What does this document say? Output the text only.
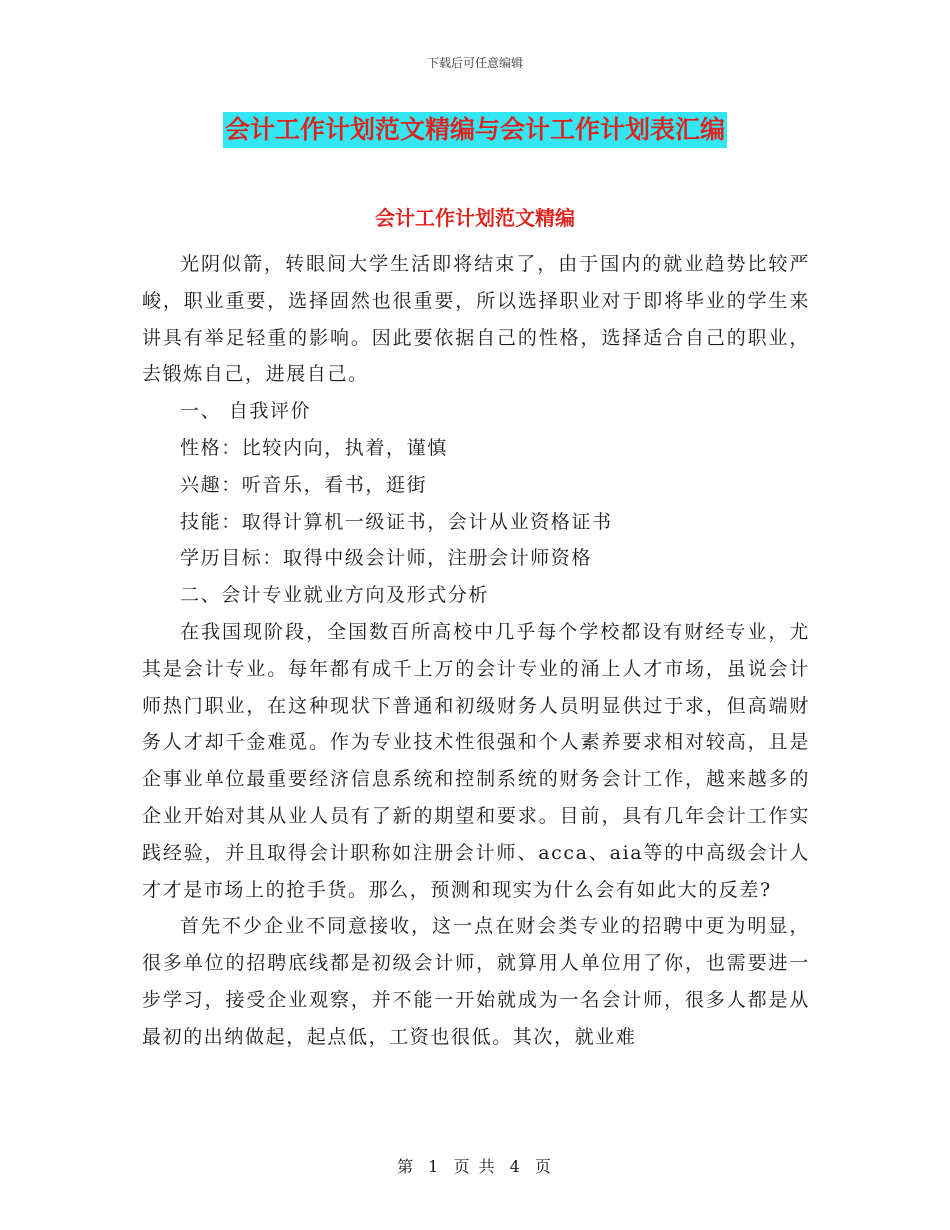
下载后可任意编辑
会计工作计划范文精编与会计工作计划表汇编
会计工作计划范文精编

光阴似箭，转眼间大学生活即将结束了，由于国内的就业趋势比较严峻，职业重要，选择固然也很重要，所以选择职业对于即将毕业的学生来讲具有举足轻重的影响。因此要依据自己的性格，选择适合自己的职业，去锻炼自己，进展自己。

一、 自我评价

性格：比较内向，执着，谨慎

兴趣：听音乐，看书，逛街

技能：取得计算机一级证书，会计从业资格证书

学历目标：取得中级会计师，注册会计师资格

二、会计专业就业方向及形式分析

在我国现阶段，全国数百所高校中几乎每个学校都设有财经专业，尤其是会计专业。每年都有成千上万的会计专业的涌上人才市场，虽说会计师热门职业，在这种现状下普通和初级财务人员明显供过于求，但高端财务人才却千金难觅。作为专业技术性很强和个人素养要求相对较高，且是企事业单位最重要经济信息系统和控制系统的财务会计工作，越来越多的企业开始对其从业人员有了新的期望和要求。目前，具有几年会计工作实践经验，并且取得会计职称如注册会计师、acca、aia等的中高级会计人才才是市场上的抢手货。那么，预测和现实为什么会有如此大的反差?

首先不少企业不同意接收，这一点在财会类专业的招聘中更为明显，很多单位的招聘底线都是初级会计师，就算用人单位用了你，也需要进一步学习，接受企业观察，并不能一开始就成为一名会计师，很多人都是从最初的出纳做起，起点低，工资也很低。其次，就业难

第 1 页 共 4 页
